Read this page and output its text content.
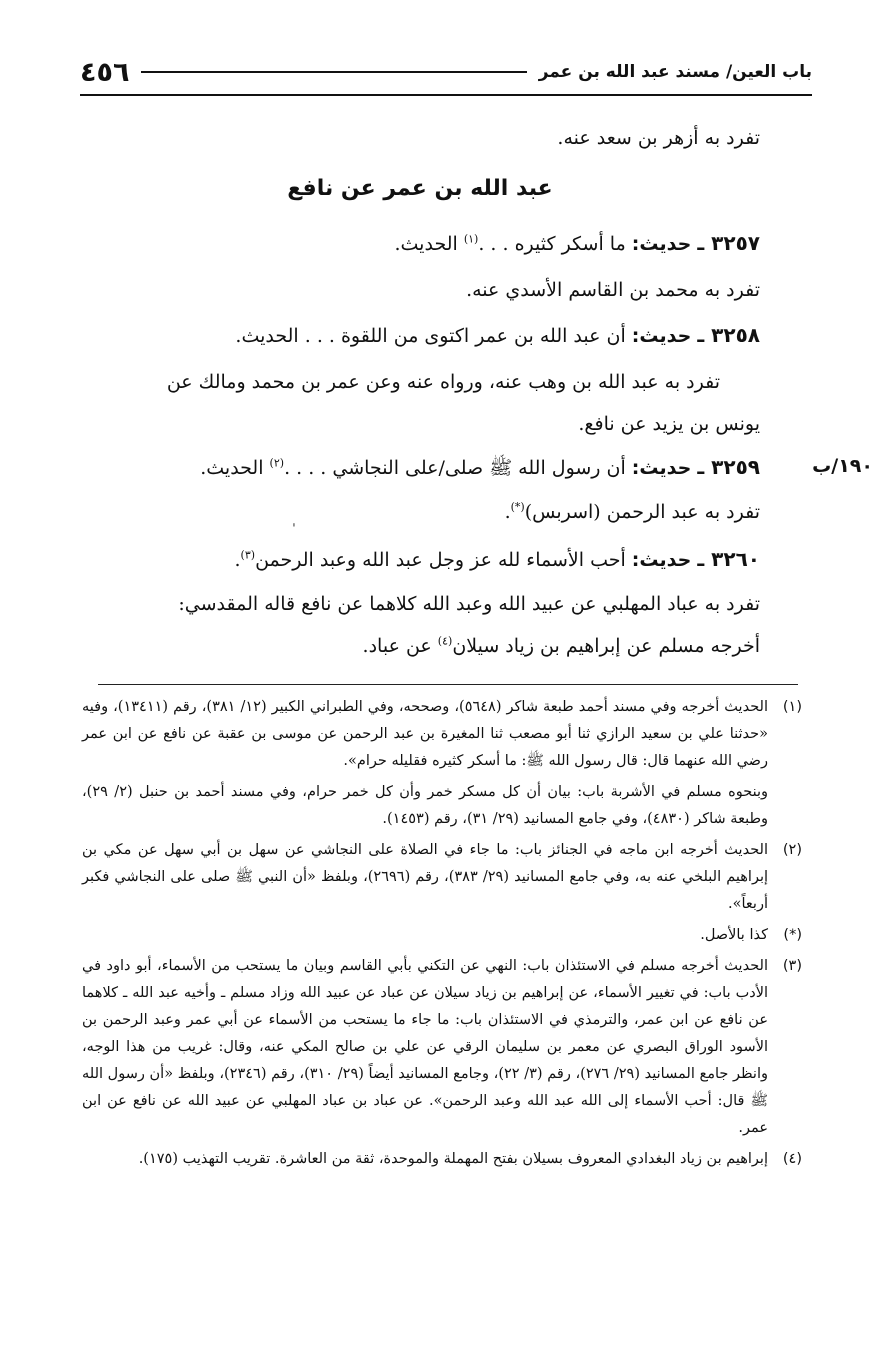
باب العين/ مسند عبد الله بن عمر
٤٥٦

تفرد به أزهر بن سعد عنه.

عبد الله بن عمر عن نافع

٣٢٥٧ ـ حديث: ما أسكر كثيره . . .$^{(١)}$ الحديث.

تفرد به محمد بن القاسم الأسدي عنه.

٣٢٥٨ ـ حديث: أن عبد الله بن عمر اكتوى من اللقوة . . . الحديث.

تفرد به عبد الله بن وهب عنه، ورواه عنه وعن عمر بن محمد ومالك عن

يونس بن يزيد عن نافع.

٣٢٥٩ ـ حديث: أن رسول الله ﷺ صلى/على النجاشي . . . .$^{(٢)}$ الحديث.

تفرد به عبد الرحمن (اسربس)(*).

٣٢٦٠ ـ حديث: أحب الأسماء لله عز وجل عبد الله وعبد الرحمن$^{(٣)}$.

تفرد به عباد المهلبي عن عبيد الله وعبد الله كلاهما عن نافع قاله المقدسي:

أخرجه مسلم عن إبراهيم بن زياد سيلان$^{(٤)}$ عن عباد.

١٩٠/ب
ˌ
(١)
الحديث أخرجه وفي مسند أحمد طبعة شاكر (٥٦٤٨)، وصححه، وفي الطبراني الكبير (١٢/ ٣٨١)، رقم (١٣٤١١)، وفيه «حدثنا علي بن سعيد الرازي ثنا أبو مصعب ثنا المغيرة بن عبد الرحمن عن موسى بن عقبة عن نافع عن ابن عمر رضي الله عنهما قال: قال رسول الله ﷺ: ما أسكر كثيره فقليله حرام».
وبنحوه مسلم في الأشربة باب: بيان أن كل مسكر خمر وأن كل خمر حرام، وفي مسند أحمد بن حنبل (٢/ ٢٩)، وطبعة شاكر (٤٨٣٠)، وفي جامع المسانيد (٢٩/ ٣١)، رقم (١٤٥٣).
(٢)
الحديث أخرجه ابن ماجه في الجنائز باب: ما جاء في الصلاة على النجاشي عن سهل بن أبي سهل عن مكي بن إبراهيم البلخي عنه به، وفي جامع المسانيد (٢٩/ ٣٨٣)، رقم (٢٦٩٦)، وبلفظ «أن النبي ﷺ صلى على النجاشي فكبر أربعاً».
(*)
كذا بالأصل.
(٣)
الحديث أخرجه مسلم في الاستئذان باب: النهي عن التكني بأبي القاسم وبيان ما يستحب من الأسماء، أبو داود في الأدب باب: في تغيير الأسماء، عن إبراهيم بن زياد سيلان عن عباد عن عبيد الله وزاد مسلم ـ وأخيه عبد الله ـ كلاهما عن نافع عن ابن عمر، والترمذي في الاستئذان باب: ما جاء ما يستحب من الأسماء عن أبي عمر وعبد الرحمن بن الأسود الوراق البصري عن معمر بن سليمان الرقي عن علي بن صالح المكي عنه، وقال: غريب من هذا الوجه، وانظر جامع المسانيد (٢٩/ ٢٧٦)، رقم (٣/ ٢٢)، وجامع المسانيد أيضاً (٢٩/ ٣١٠)، رقم (٢٣٤٦)، وبلفظ «أن رسول الله ﷺ قال: أحب الأسماء إلى الله عبد الله وعبد الرحمن». عن عباد بن عباد المهلبي عن عبيد الله عن نافع عن ابن عمر.
(٤)
إبراهيم بن زياد البغدادي المعروف بسيلان بفتح المهملة والموحدة، ثقة من العاشرة. تقريب التهذيب (١٧٥).
